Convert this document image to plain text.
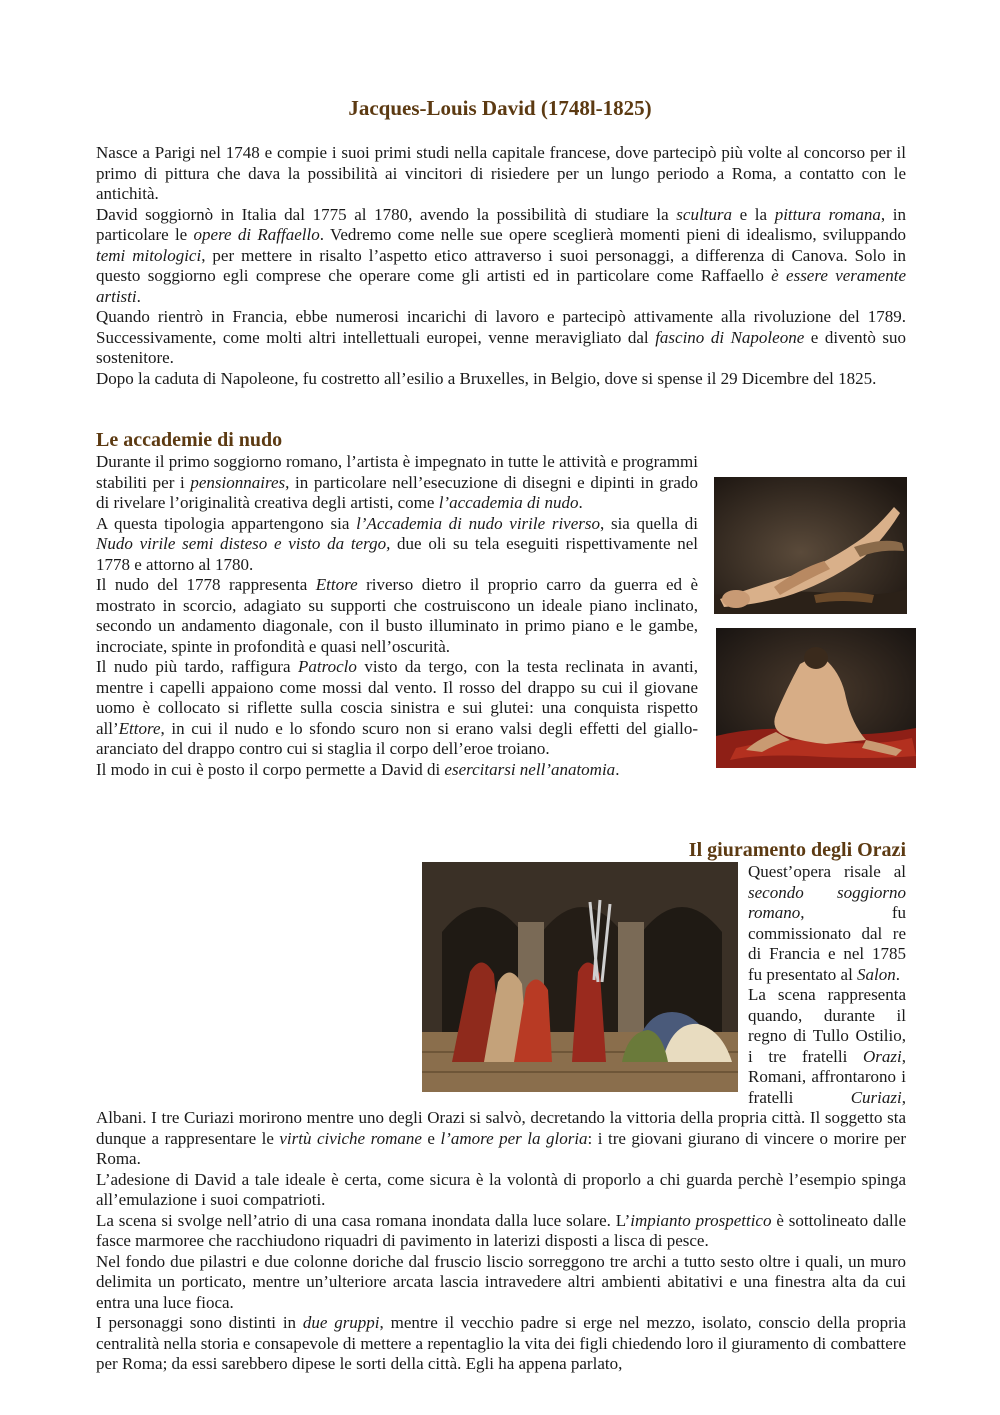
Jacques-Louis David (1748l-1825)

Nasce a Parigi nel 1748 e compie i suoi primi studi nella capitale francese, dove partecipò più volte al concorso per il primo di pittura che dava la possibilità ai vincitori di risiedere per un lungo periodo a Roma, a contatto con le antichità.

David soggiornò in Italia dal 1775 al 1780, avendo la possibilità di studiare la scultura e la pittura romana, in particolare le opere di Raffaello. Vedremo come nelle sue opere sceglierà momenti pieni di idealismo, sviluppando temi mitologici, per mettere in risalto l’aspetto etico attraverso i suoi personaggi, a differenza di Canova. Solo in questo soggiorno egli comprese che operare come gli artisti ed in particolare come Raffaello è essere veramente artisti.

Quando rientrò in Francia, ebbe numerosi incarichi di lavoro e partecipò attivamente alla rivoluzione del 1789. Successivamente, come molti altri intellettuali europei, venne meravigliato dal fascino di Napoleone e diventò suo sostenitore.

Dopo la caduta di Napoleone, fu costretto all’esilio a Bruxelles, in Belgio, dove si spense il 29 Dicembre del 1825.

Le accademie di nudo

Durante il primo soggiorno romano, l’artista è impegnato in tutte le attività e programmi stabiliti per i pensionnaires, in particolare nell’esecuzione di disegni e dipinti in grado di rivelare l’originalità creativa degli artisti, come l’accademia di nudo.

A questa tipologia appartengono sia l’Accademia di nudo virile riverso, sia quella di Nudo virile semi disteso e visto da tergo, due oli su tela eseguiti rispettivamente nel 1778 e attorno al 1780.

Il nudo del 1778 rappresenta Ettore riverso dietro il proprio carro da guerra ed è mostrato in scorcio, adagiato su supporti che costruiscono un ideale piano inclinato, secondo un andamento diagonale, con il busto illuminato in primo piano e le gambe, incrociate, spinte in profondità e quasi nell’oscurità.

Il nudo più tardo, raffigura Patroclo visto da tergo, con la testa reclinata in avanti, mentre i capelli appaiono come mossi dal vento. Il rosso del drappo su cui il giovane uomo è collocato si riflette sulla coscia sinistra e sui glutei: una conquista rispetto all’Ettore, in cui il nudo e lo sfondo scuro non si erano valsi degli effetti del giallo-aranciato del drappo contro cui si staglia il corpo dell’eroe troiano.

Il modo in cui è posto il corpo permette a David di esercitarsi nell’anatomia.

Il giuramento degli Orazi

Quest’opera risale al secondo soggiorno romano, fu commissionato dal re di Francia e nel 1785 fu presentato al Salon.

La scena rappresenta quando, durante il regno di Tullo Ostilio, i tre fratelli Orazi, Romani, affrontarono i fratelli Curiazi, Albani. I tre Curiazi morirono mentre uno degli Orazi si salvò, decretando la vittoria della propria città. Il soggetto sta dunque a rappresentare le virtù civiche romane e l’amore per la gloria: i tre giovani giurano di vincere o morire per Roma.

L’adesione di David a tale ideale è certa, come sicura è la volontà di proporlo a chi guarda perchè l’esempio spinga all’emulazione i suoi compatrioti.

La scena si svolge nell’atrio di una casa romana inondata dalla luce solare. L’impianto prospettico è sottolineato dalle fasce marmoree che racchiudono riquadri di pavimento in laterizi disposti a lisca di pesce.

Nel fondo due pilastri e due colonne doriche dal fruscio liscio sorreggono tre archi a tutto sesto oltre i quali, un muro delimita un porticato, mentre un’ulteriore arcata lascia intravedere altri ambienti abitativi e una finestra alta da cui entra una luce fioca.

I personaggi sono distinti in due gruppi, mentre il vecchio padre si erge nel mezzo, isolato, conscio della propria centralità nella storia e consapevole di mettere a repentaglio la vita dei figli chiedendo loro il giuramento di combattere per Roma; da essi sarebbero dipese le sorti della città. Egli ha appena parlato,
